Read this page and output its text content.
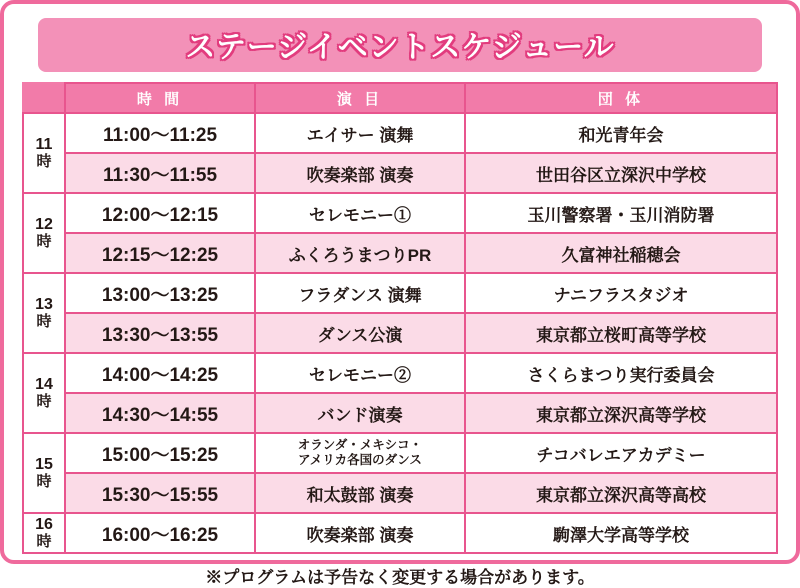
ステージイベントスケジュール
	時 間	演 目	団 体

11
時	11:00〜11:25	エイサー 演舞	和光青年会
	11:30〜11:55	吹奏楽部 演奏	世田谷区立深沢中学校

12
時	12:00〜12:15	セレモニー①	玉川警察署・玉川消防署
	12:15〜12:25	ふくろうまつりPR	久富神社稲穂会

13
時	13:00〜13:25	フラダンス 演舞	ナニフラスタジオ
	13:30〜13:55	ダンス公演	東京都立桜町高等学校

14
時	14:00〜14:25	セレモニー②	さくらまつり実行委員会
	14:30〜14:55	バンド演奏	東京都立深沢高等学校

15
時
	15:00〜15:25	オランダ・メキシコ・
アメリカ各国のダンス	チコバレエアカデミー
	15:30〜15:55	和太鼓部 演奏	東京都立深沢高等高校

16
時	16:00〜16:25	吹奏楽部 演奏	駒澤大学高等学校
※プログラムは予告なく変更する場合があります。
